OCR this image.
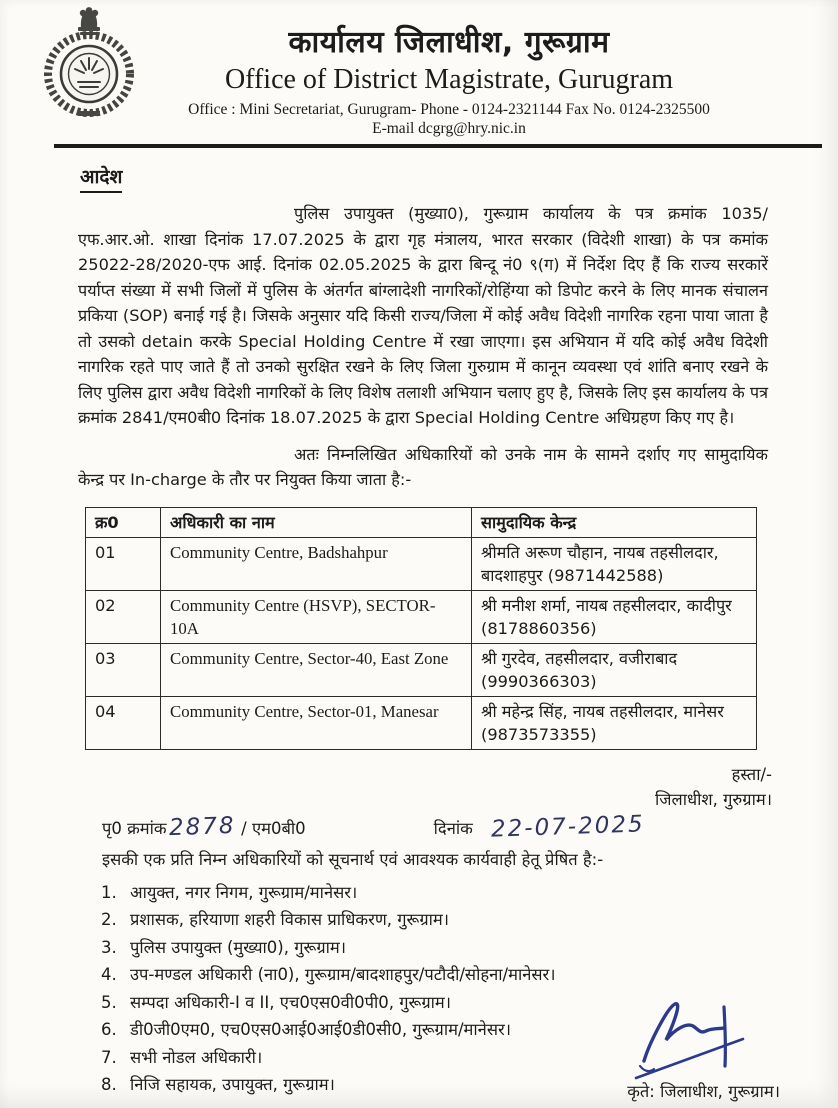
कार्यालय जिलाधीश, गुरूग्राम
Office of District Magistrate, Gurugram
Office : Mini Secretariat, Gurugram- Phone - 0124-2321144 Fax No. 0124-2325500
E-mail dcgrg@hry.nic.in
आदेश

पुलिस उपायुक्त (मुख्या0), गुरूग्राम कार्यालय के पत्र क्रमांक 1035/एफ.आर.ओ. शाखा दिनांक 17.07.2025 के द्वारा गृह मंत्रालय, भारत सरकार (विदेशी शाखा) के पत्र कमांक 25022-28/2020-एफ आई. दिनांक 02.05.2025 के द्वारा बिन्दू नं0 ९(ग) में निर्देश दिए हैं कि राज्य सरकारें पर्याप्त संख्या में सभी जिलों में पुलिस के अंतर्गत बांग्लादेशी नागरिकों/रोहिंग्या को डिपोट करने के लिए मानक संचालन प्रकिया (SOP) बनाई गई है। जिसके अनुसार यदि किसी राज्य/जिला में कोई अवैध विदेशी नागरिक रहना पाया जाता है तो उसको detain करके Special Holding Centre में रखा जाएगा। इस अभियान में यदि कोई अवैध विदेशी नागरिक रहते पाए जाते हैं तो उनको सुरक्षित रखने के लिए जिला गुरुग्राम में कानून व्यवस्था एवं शांति बनाए रखने के लिए पुलिस द्वारा अवैध विदेशी नागरिकों के लिए विशेष तलाशी अभियान चलाए हुए है, जिसके लिए इस कार्यालय के पत्र क्रमांक 2841/एम0बी0 दिनांक 18.07.2025 के द्वारा Special Holding Centre अधिग्रहण किए गए है।

अतः निम्नलिखित अधिकारियों को उनके नाम के सामने दर्शाए गए सामुदायिक केन्द्र पर In-charge के तौर पर नियुक्त किया जाता है:-

क्र0	अधिकारी का नाम	सामुदायिक केन्द्र
01	Community Centre, Badshahpur	श्रीमति अरूण चौहान, नायब तहसीलदार, बादशाहपुर (9871442588)
02	Community Centre (HSVP), SECTOR-10A	श्री मनीश शर्मा, नायब तहसीलदार, कादीपुर (8178860356)
03	Community Centre, Sector-40, East Zone	श्री गुरदेव, तहसीलदार, वजीराबाद (9990366303)
04	Community Centre, Sector-01, Manesar	श्री महेन्द्र सिंह, नायब तहसीलदार, मानेसर (9873573355)
हस्ता/-
जिलाधीश, गुरुग्राम।
पृ0 क्रमांक 2878 / एम0बी0	दिनांक 22-07-2025
इसकी एक प्रति निम्न अधिकारियों को सूचनार्थ एवं आवश्यक कार्यवाही हेतू प्रेषित है:-
1. आयुक्त, नगर निगम, गुरूग्राम/मानेसर।
2. प्रशासक, हरियाणा शहरी विकास प्राधिकरण, गुरूग्राम।
3. पुलिस उपायुक्त (मुख्या0), गुरूग्राम।
4. उप-मण्डल अधिकारी (ना0), गुरूग्राम/बादशाहपुर/पटौदी/सोहना/मानेसर।
5. सम्पदा अधिकारी-I व II, एच0एस0वी0पी0, गुरूग्राम।
6. डी0जी0एम0, एच0एस0आई0आई0डी0सी0, गुरूग्राम/मानेसर।
7. सभी नोडल अधिकारी।
8. निजि सहायक, उपायुक्त, गुरूग्राम।	कृते: जिलाधीश, गुरूग्राम।
